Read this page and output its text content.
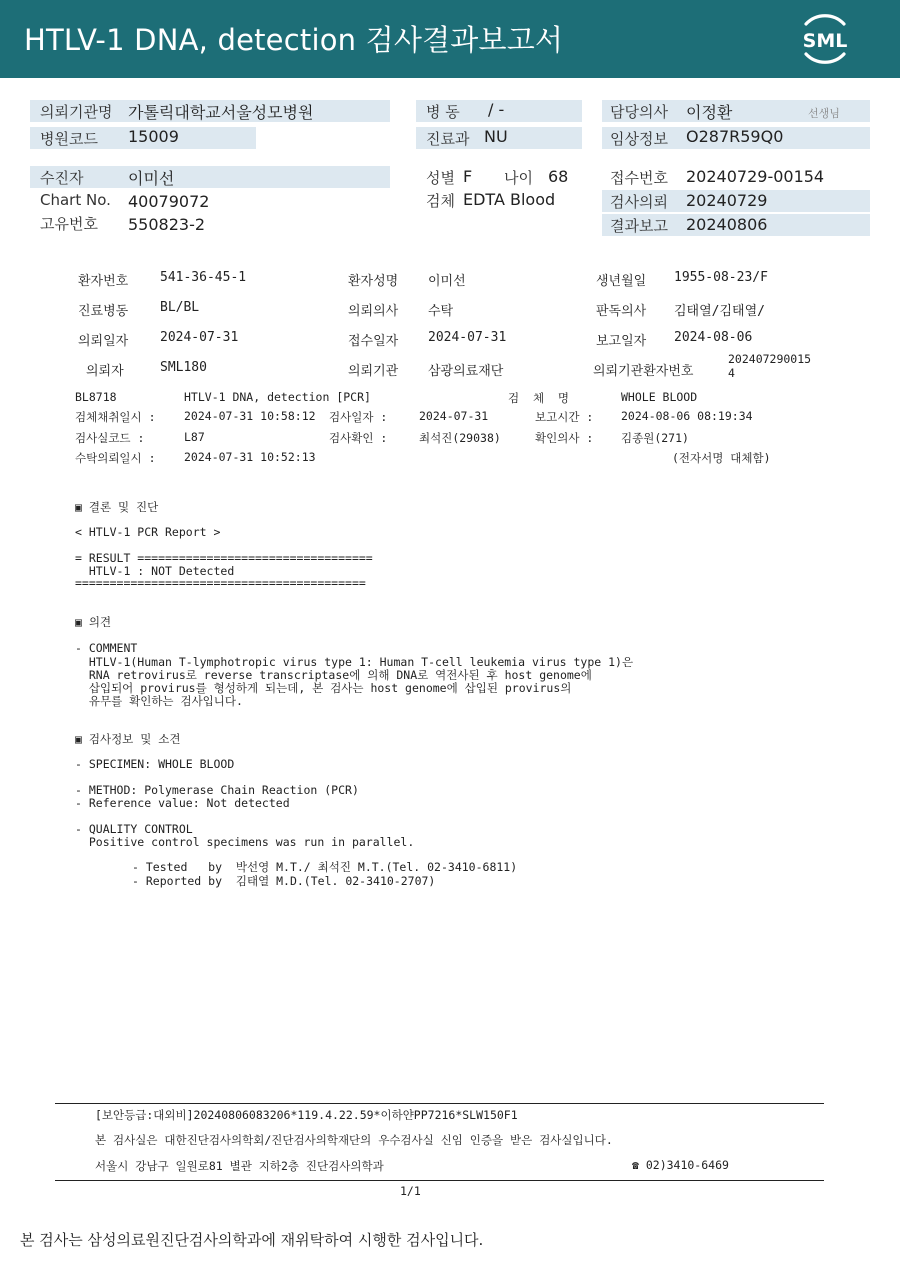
HTLV-1 DNA, detection 검사결과보고서	SML
의뢰기관명 가톨릭대학교서울성모병원
병원코드 15009
병 동 / -
진료과 NU
담당의사 이정환	선생님
임상정보 O287R59Q0
수진자	이미선
Chart No. 40079072
고유번호 550823-2
성별 F 나이 68
검체 EDTA Blood
접수번호 20240729-00154
검사의뢰 20240729
결과보고 20240806
환자번호 541-36-45-1	환자성명 이미선	생년월일 1955-08-23/F
진료병동 BL/BL	의뢰의사 수탁	판독의사 김태열/김태열/
의뢰일자 2024-07-31	접수일자 2024-07-31	보고일자 2024-08-06
의뢰자	SML180	의뢰기관 삼광의료재단	의뢰기관환자번호
202407290015
4
BL8718	HTLV-1 DNA, detection [PCR]	검  체  명	WHOLE BLOOD
검체채취일시 : 2024-07-31 10:58:12 검사일자 :	2024-07-31	보고시간 : 2024-08-06 08:19:34
검사실코드 :	L87	검사확인 :	최석진(29038)	확인의사 : 김종원(271)
수탁의뢰일시 : 2024-07-31 10:52:13	(전자서명 대체함)
▣ 결론 및 진단
< HTLV-1 PCR Report >
= RESULT ==================================
HTLV-1 : NOT Detected
==========================================
▣ 의견
- COMMENT
HTLV-1(Human T-lymphotropic virus type 1: Human T-cell leukemia virus type 1)은
RNA retrovirus로 reverse transcriptase에 의해 DNA로 역전사된 후 host genome에
삽입되어 provirus를 형성하게 되는데, 본 검사는 host genome에 삽입된 provirus의
유무를 확인하는 검사입니다.
▣ 검사정보 및 소견
- SPECIMEN: WHOLE BLOOD
- METHOD: Polymerase Chain Reaction (PCR)
- Reference value: Not detected
- QUALITY CONTROL
Positive control specimens was run in parallel.
- Tested   by  박선영 M.T./ 최석진 M.T.(Tel. 02-3410-6811)
- Reported by  김태열 M.D.(Tel. 02-3410-2707)
[보안등급:대외비]20240806083206*119.4.22.59*이하얀PP7216*SLW150F1
본 검사실은 대한진단검사의학회/진단검사의학재단의 우수검사실 신임 인증을 받은 검사실입니다.
서울시 강남구 일원로81 별관 지하2층 진단검사의학과	☎ 02)3410-6469
1/1
본 검사는 삼성의료원진단검사의학과에 재위탁하여 시행한 검사입니다.
